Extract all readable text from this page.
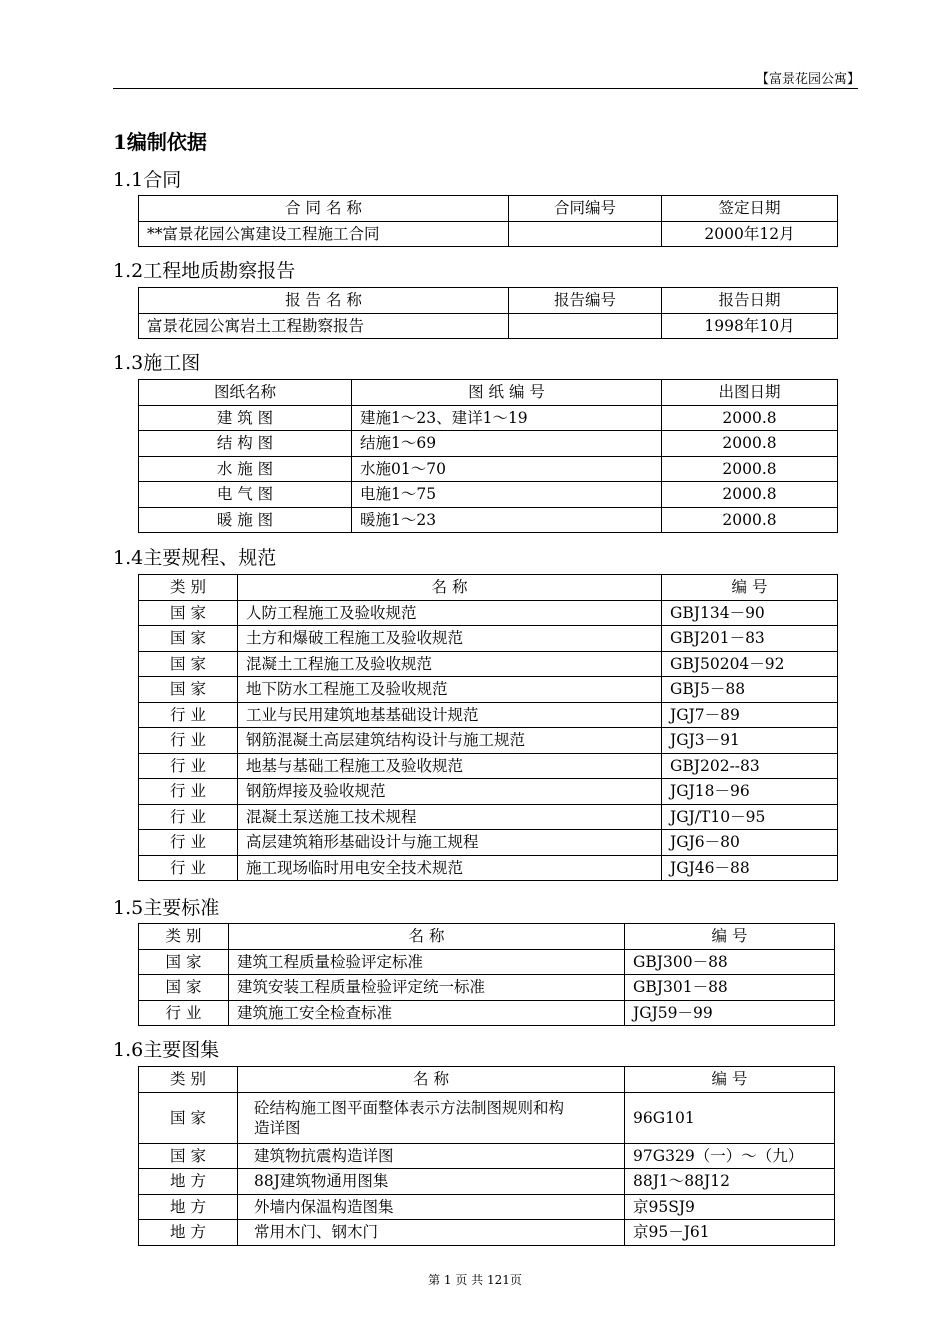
【富景花园公寓】
1编制依据
1.1合同
合 同 名 称	合同编号	签定日期
**富景花园公寓建设工程施工合同		2000年12月
1.2工程地质勘察报告
报 告 名 称	报告编号	报告日期
富景花园公寓岩土工程勘察报告		1998年10月
1.3施工图
图纸名称	图 纸 编 号	出图日期
建 筑 图	建施1～23、建详1～19	2000.8
结 构 图	结施1～69	2000.8
水 施 图	水施01～70	2000.8
电 气 图	电施1～75	2000.8
暖 施 图	暖施1～23	2000.8
1.4主要规程、规范
类 别	名 称	编 号
国 家	人防工程施工及验收规范	GBJ134－90
国 家	土方和爆破工程施工及验收规范	GBJ201－83
国 家	混凝土工程施工及验收规范	GBJ50204－92
国 家	地下防水工程施工及验收规范	GBJ5－88
行 业	工业与民用建筑地基基础设计规范	JGJ7－89
行 业	钢筋混凝土高层建筑结构设计与施工规范	JGJ3－91
行 业	地基与基础工程施工及验收规范	GBJ202--83
行 业	钢筋焊接及验收规范	JGJ18－96
行 业	混凝土泵送施工技术规程	JGJ/T10－95
行 业	高层建筑箱形基础设计与施工规程	JGJ6－80
行 业	施工现场临时用电安全技术规范	JGJ46－88
1.5主要标准
类 别	名 称	编 号
国 家	建筑工程质量检验评定标准	GBJ300－88
国 家	建筑安装工程质量检验评定统一标准	GBJ301－88
行 业	建筑施工安全检查标准	JGJ59－99
1.6主要图集
类 别	名 称	编 号
国 家	砼结构施工图平面整体表示方法制图规则和构造详图	96G101
国 家	建筑物抗震构造详图	97G329（一）～（九）
地 方	88J建筑物通用图集	88J1～88J12
地 方	外墙内保温构造图集	京95SJ9
地 方	常用木门、钢木门	京95－J61
第 1 页 共 121页
